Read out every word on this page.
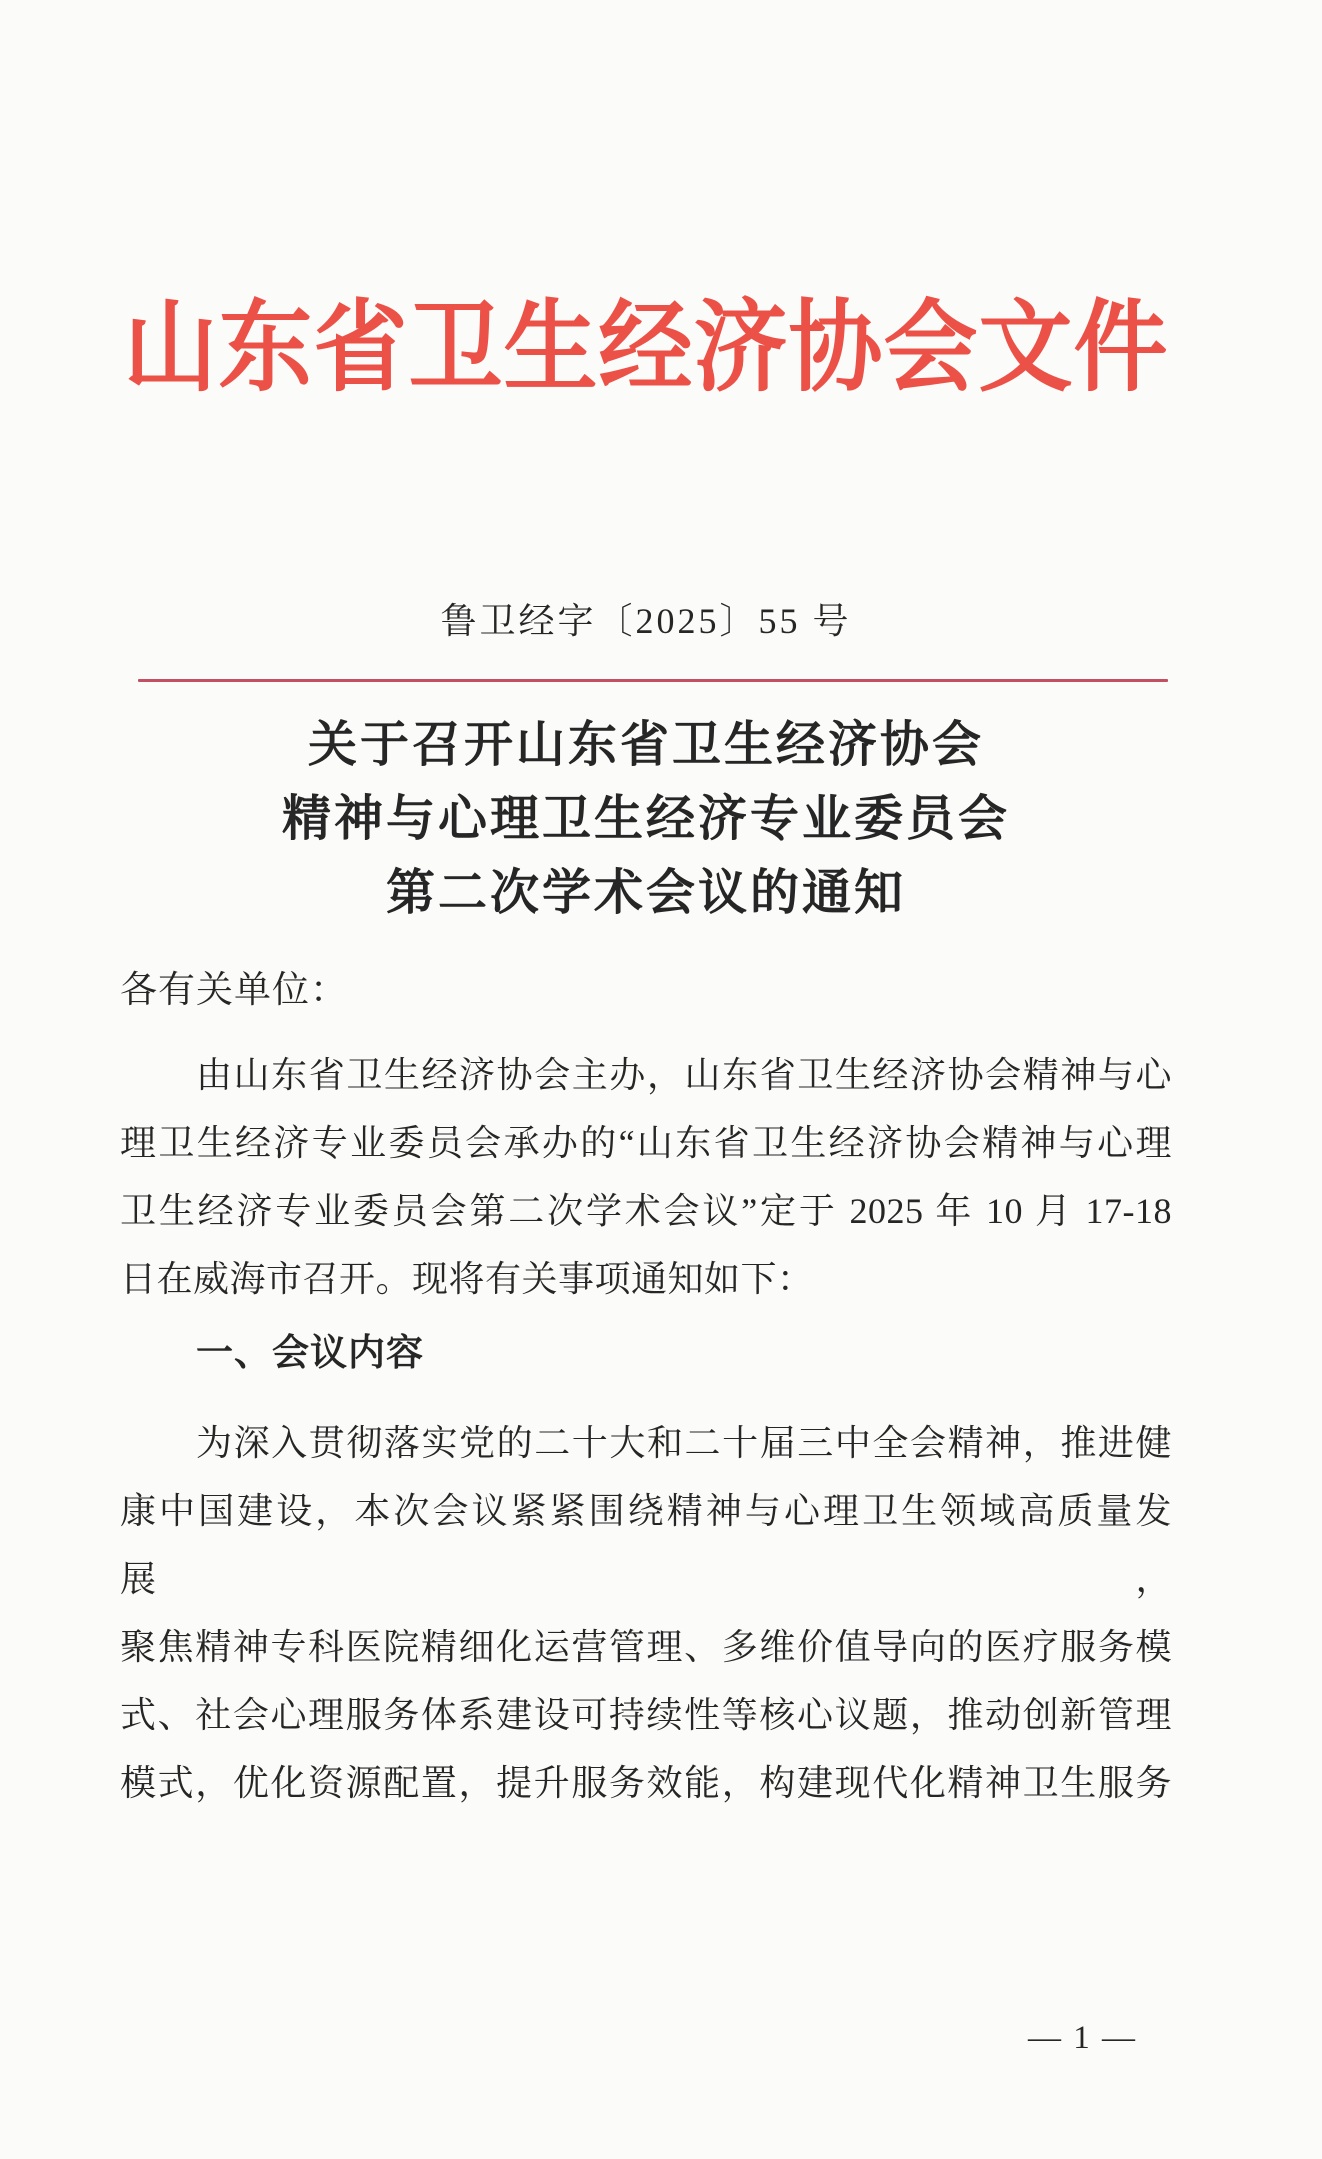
山东省卫生经济协会文件
鲁卫经字〔2025〕55 号
关于召开山东省卫生经济协会
精神与心理卫生经济专业委员会
第二次学术会议的通知
各有关单位：
由山东省卫生经济协会主办，山东省卫生经济协会精神与心
理卫生经济专业委员会承办的“山东省卫生经济协会精神与心理
卫生经济专业委员会第二次学术会议”定于 2025 年 10 月 17-18
日在威海市召开。现将有关事项通知如下：
一、会议内容
为深入贯彻落实党的二十大和二十届三中全会精神，推进健
康中国建设，本次会议紧紧围绕精神与心理卫生领域高质量发展，
聚焦精神专科医院精细化运营管理、多维价值导向的医疗服务模
式、社会心理服务体系建设可持续性等核心议题，推动创新管理
模式，优化资源配置，提升服务效能，构建现代化精神卫生服务
— 1 —
